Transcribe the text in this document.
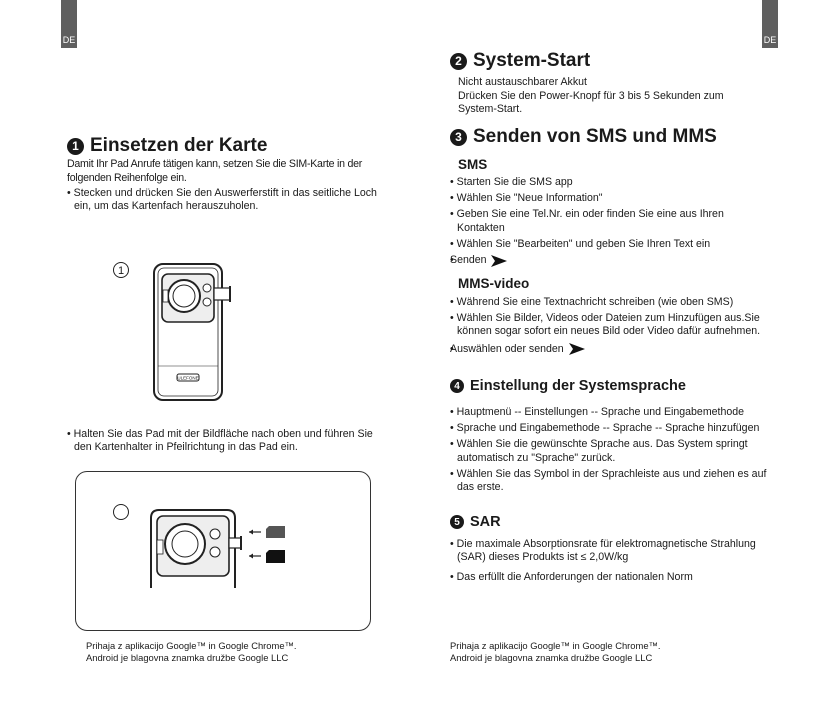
DE	DE
1 Einsetzen der Karte
Damit Ihr Pad Anrufe tätigen kann, setzen Sie die SIM-Karte in der folgenden Reihenfolge ein.
• Stecken und drücken Sie den Auswerferstift in das seitliche Loch ein, um das Kartenfach herauszuholen.
1
ULEFONE
• Halten Sie das Pad mit der Bildfläche nach oben und führen Sie den Kartenhalter in Pfeilrichtung in das Pad ein.
Prihaja z aplikacijo Google™ in Google Chrome™.
Android je blagovna znamka družbe Google LLC
2 System-Start
Nicht austauschbarer Akkut
Drücken Sie den Power-Knopf für 3 bis 5 Sekunden zum System-Start.
3 Senden von SMS und MMS
SMS
• Starten Sie die SMS app
• Wählen Sie "Neue Information"
• Geben Sie eine Tel.Nr. ein oder finden Sie eine aus Ihren Kontakten
• Wählen Sie "Bearbeiten" und geben Sie Ihren Text ein
• Senden
MMS-video
• Während Sie eine Textnachricht schreiben (wie oben SMS)
• Wählen Sie Bilder, Videos oder Dateien zum Hinzufügen aus.Sie können sogar sofort ein neues Bild oder Video dafür aufnehmen.
• Auswählen oder senden
4 Einstellung der Systemsprache
• Hauptmenü -- Einstellungen -- Sprache und Eingabemethode
• Sprache und Eingabemethode -- Sprache -- Sprache hinzufügen
• Wählen Sie die gewünschte Sprache aus. Das System springt automatisch zu "Sprache" zurück.
• Wählen Sie das Symbol in der Sprachleiste aus und ziehen es auf das erste.
5 SAR
• Die maximale Absorptionsrate für elektromagnetische Strahlung (SAR) dieses Produkts ist ≤ 2,0W/kg
• Das erfüllt die Anforderungen der nationalen Norm
Prihaja z aplikacijo Google™ in Google Chrome™.
Android je blagovna znamka družbe Google LLC
